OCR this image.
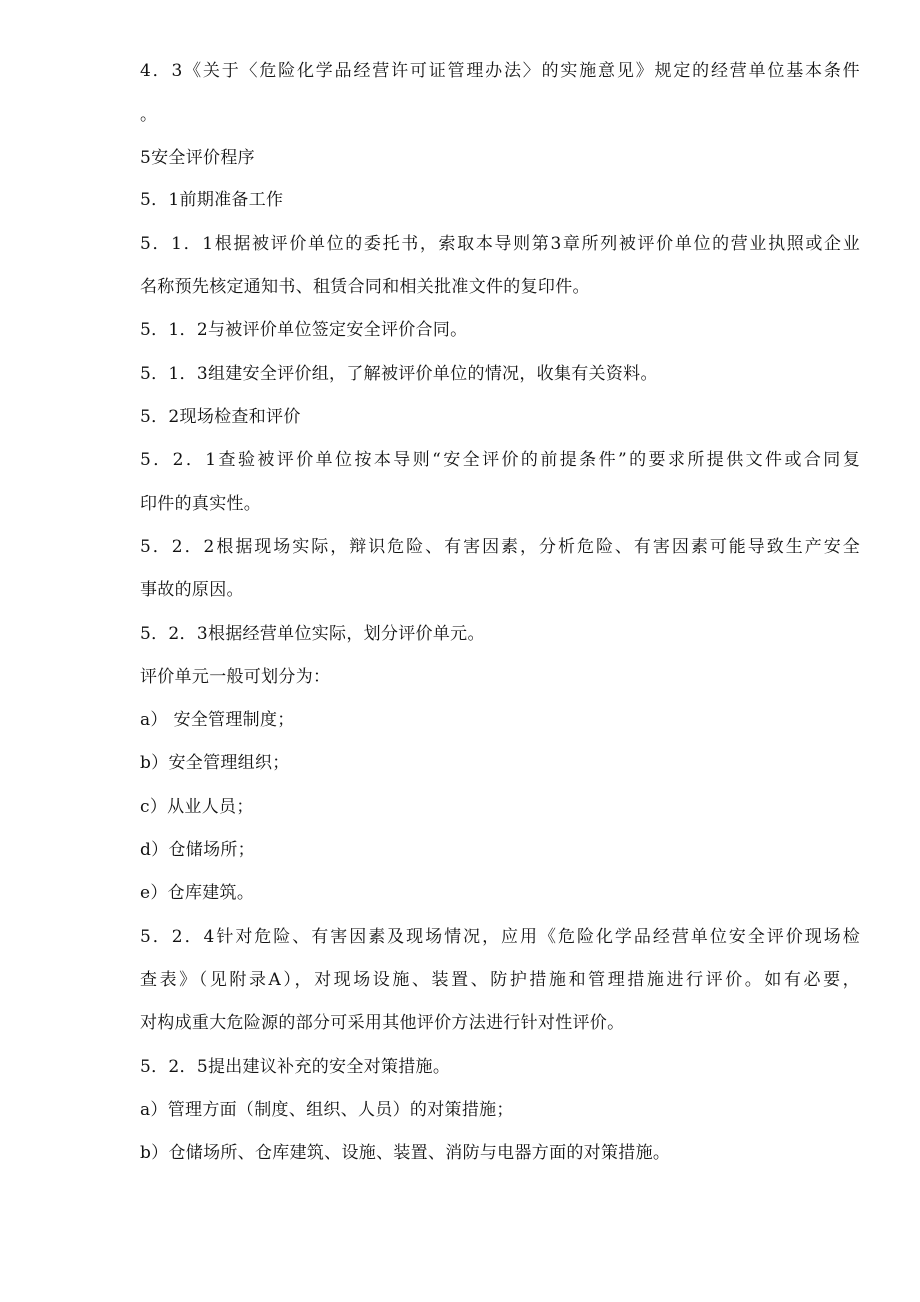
4．3《关于〈危险化学品经营许可证管理办法〉的实施意见》规定的经营单位基本条件
。
5安全评价程序
5．1前期准备工作
5．1．1根据被评价单位的委托书，索取本导则第3章所列被评价单位的营业执照或企业
名称预先核定通知书、租赁合同和相关批准文件的复印件。
5．1．2与被评价单位签定安全评价合同。
5．1．3组建安全评价组，了解被评价单位的情况，收集有关资料。
5．2现场检查和评价
5．2．1查验被评价单位按本导则“安全评价的前提条件”的要求所提供文件或合同复
印件的真实性。
5．2．2根据现场实际，辩识危险、有害因素，分析危险、有害因素可能导致生产安全
事故的原因。
5．2．3根据经营单位实际，划分评价单元。
评价单元一般可划分为：
a） 安全管理制度；
b）安全管理组织；
c）从业人员；
d）仓储场所；
e）仓库建筑。
5．2．4针对危险、有害因素及现场情况，应用《危险化学品经营单位安全评价现场检
查表》（见附录A），对现场设施、装置、防护措施和管理措施进行评价。如有必要，
对构成重大危险源的部分可采用其他评价方法进行针对性评价。
5．2．5提出建议补充的安全对策措施。
a）管理方面（制度、组织、人员）的对策措施；
b）仓储场所、仓库建筑、设施、装置、消防与电器方面的对策措施。
